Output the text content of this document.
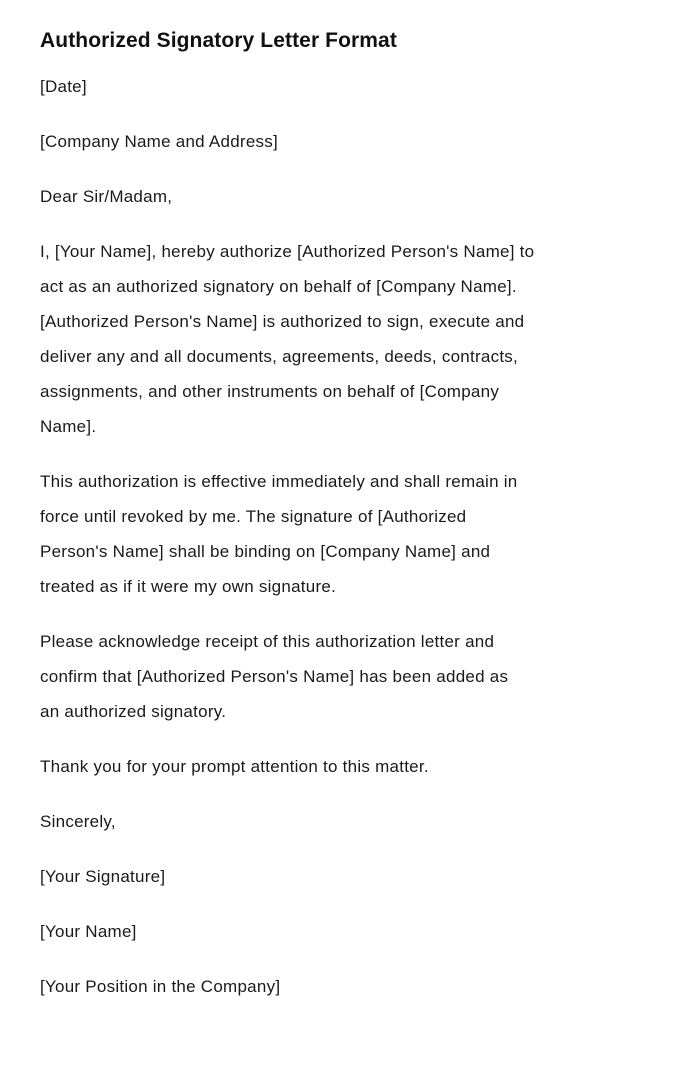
Authorized Signatory Letter Format

[Date]

[Company Name and Address]

Dear Sir/Madam,

I, [Your Name], hereby authorize [Authorized Person's Name] to
act as an authorized signatory on behalf of [Company Name].
[Authorized Person's Name] is authorized to sign, execute and
deliver any and all documents, agreements, deeds, contracts,
assignments, and other instruments on behalf of [Company
Name].

This authorization is effective immediately and shall remain in
force until revoked by me. The signature of [Authorized
Person's Name] shall be binding on [Company Name] and
treated as if it were my own signature.

Please acknowledge receipt of this authorization letter and
confirm that [Authorized Person's Name] has been added as
an authorized signatory.

Thank you for your prompt attention to this matter.

Sincerely,

[Your Signature]

[Your Name]

[Your Position in the Company]
